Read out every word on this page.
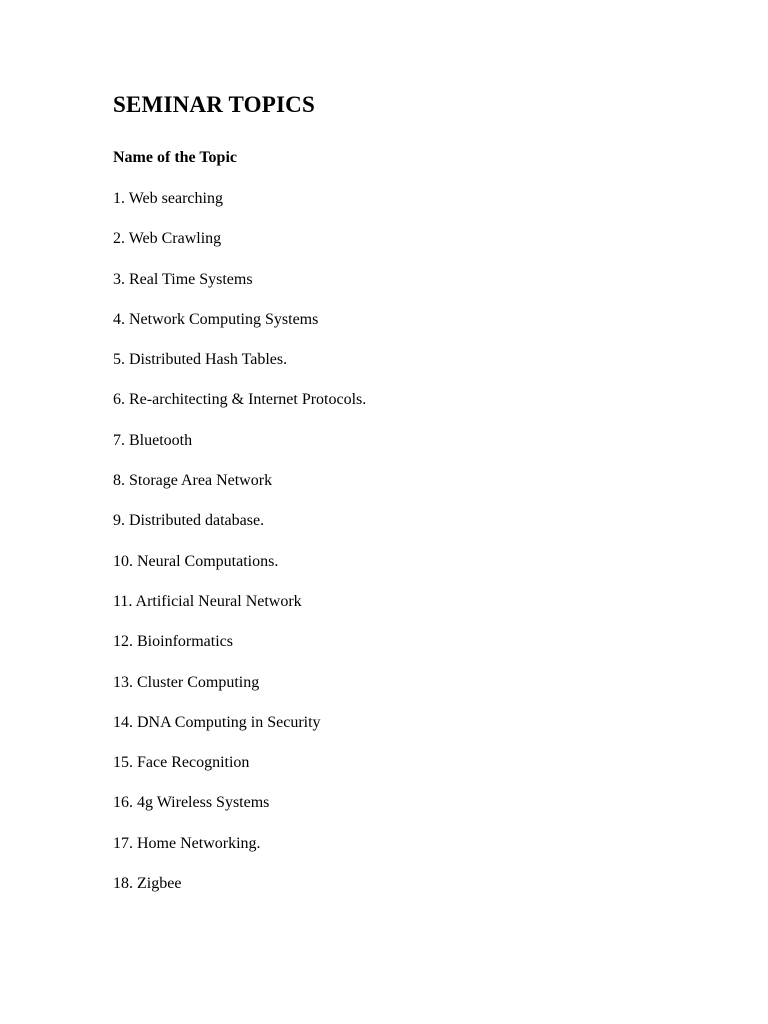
SEMINAR TOPICS
Name of the Topic
1. Web searching
2. Web Crawling
3. Real Time Systems
4. Network Computing Systems
5. Distributed Hash Tables.
6. Re-architecting & Internet Protocols.
7. Bluetooth
8. Storage Area Network
9. Distributed database.
10. Neural Computations.
11. Artificial Neural Network
12. Bioinformatics
13. Cluster Computing
14. DNA Computing in Security
15. Face Recognition
16. 4g Wireless Systems
17. Home Networking.
18. Zigbee
